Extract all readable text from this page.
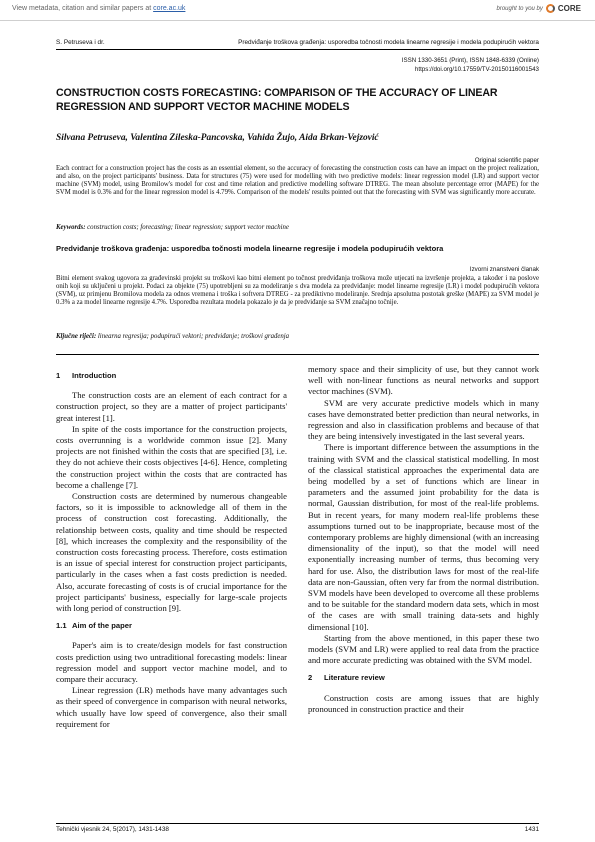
View metadata, citation and similar papers at core.ac.uk	brought to you by CORE
S. Petruseva i dr.	Predviđanje troškova građenja: usporedba točnosti modela linearne regresije i modela podupirućih vektora
ISSN 1330-3651 (Print), ISSN 1848-6339 (Online)
https://doi.org/10.17559/TV-20150116001543
CONSTRUCTION COSTS FORECASTING: COMPARISON OF THE ACCURACY OF LINEAR REGRESSION AND SUPPORT VECTOR MACHINE MODELS
Silvana Petruseva, Valentina Zileska-Pancovska, Vahida Žujo, Aida Brkan-Vejzović
Original scientific paper
Each contract for a construction project has the costs as an essential element, so the accuracy of forecasting the construction costs can have an impact on the project realization, and also, on the project participants' business. Data for structures (75) were used for modelling with two predictive models: linear regression model (LR) and support vector machine (SVM) model, using Bromilow's model for cost and time relation and predictive modelling software DTREG. The mean absolute percentage error (MAPE) for the SVM model is 0.3% and for the linear regression model is 4.79%. Comparison of the models' results pointed out that the forecasting with SVM was significantly more accurate.
Keywords: construction costs; forecasting; linear regression; support vector machine
Predviđanje troškova građenja: usporedba točnosti modela linearne regresije i modela podupirućih vektora
Izvorni znanstveni članak
Bitni element svakog ugovora za građevinski projekt su troškovi kao bitni element po točnost predviđanja troškova može utjecati na izvršenje projekta, a također i na poslove onih koji su uključeni u projekt. Podaci za objekte (75) upotrebljeni su za modeliranje s dva modela za predviđanje: model linearne regresije (LR) i model podupirućih vektora (SVM), uz primjenu Bromilova modela za odnos vremena i troška i softvera DTREG - za prediktivno modeliranje. Srednja apsolutna postotak greške (MAPE) za SVM model je 0.3% a za model linearne regresije 4.7%. Usporedba rezultata modela pokazalo je da je predviđanje sa SVM značajno točnije.
Ključne riječi: linearna regresija; podupirući vektori; predviđanje; troškovi građenja
1 Introduction

The construction costs are an element of each contract for a construction project, so they are a matter of project participants' great interest [1].

In spite of the costs importance for the construction projects, costs overrunning is a worldwide common issue [2]. Many projects are not finished within the costs that are specified [3], i.e. they do not achieve their costs objectives [4-6]. Hence, completing the construction project within the costs that are contracted has become a challenge [7].

Construction costs are determined by numerous changeable factors, so it is impossible to acknowledge all of them in the process of construction cost forecasting. Additionally, the relationship between costs, quality and time should be respected [8], which increases the complexity and the responsibility of the construction costs forecasting process. Therefore, costs estimation is an issue of special interest for construction project participants, particularly in the cases when a fast costs prediction is needed. Also, accurate forecasting of costs is of crucial importance for the project participants' business, especially for large-scale projects with long period of construction [9].

1.1 Aim of the paper

Paper's aim is to create/design models for fast construction costs prediction using two untraditional forecasting models: linear regression model and support vector machine model, and to compare their accuracy.

Linear regression (LR) methods have many advantages such as their speed of convergence in comparison with neural networks, which usually have low speed of convergence, also their small requirement for

memory space and their simplicity of use, but they cannot work well with non-linear functions as neural networks and support vector machines (SVM).

SVM are very accurate predictive models which in many cases have demonstrated better prediction than neural networks, in regression and also in classification problems and because of that they are being intensively investigated in the last several years.

There is important difference between the assumptions in the training with SVM and the classical statistical modelling. In most of the classical statistical approaches the experimental data are being modelled by a set of functions which are linear in parameters and the assumed joint probability for the data is normal, Gaussian distribution, for most of the real-life problems. But in recent years, for many modern real-life problems these assumptions turned out to be inappropriate, because most of the contemporary problems are highly dimensional (with an increasing dimensionality of the input), so that the model will need exponentially increasing number of terms, thus becoming very hard for use. Also, the distribution laws for most of the real-life data are non-Gaussian, often very far from the normal distribution. SVM models have been developed to overcome all these problems and to be suitable for the standard modern data sets, which in most of the cases are with small training data-sets and highly dimensional [10].

Starting from the above mentioned, in this paper these two models (SVM and LR) were applied to real data from the practice and more accurate predicting was obtained with the SVM model.

2 Literature review

Construction costs are among issues that are highly pronounced in construction practice and their

Tehnički vjesnik 24, 5(2017), 1431-1438	1431
